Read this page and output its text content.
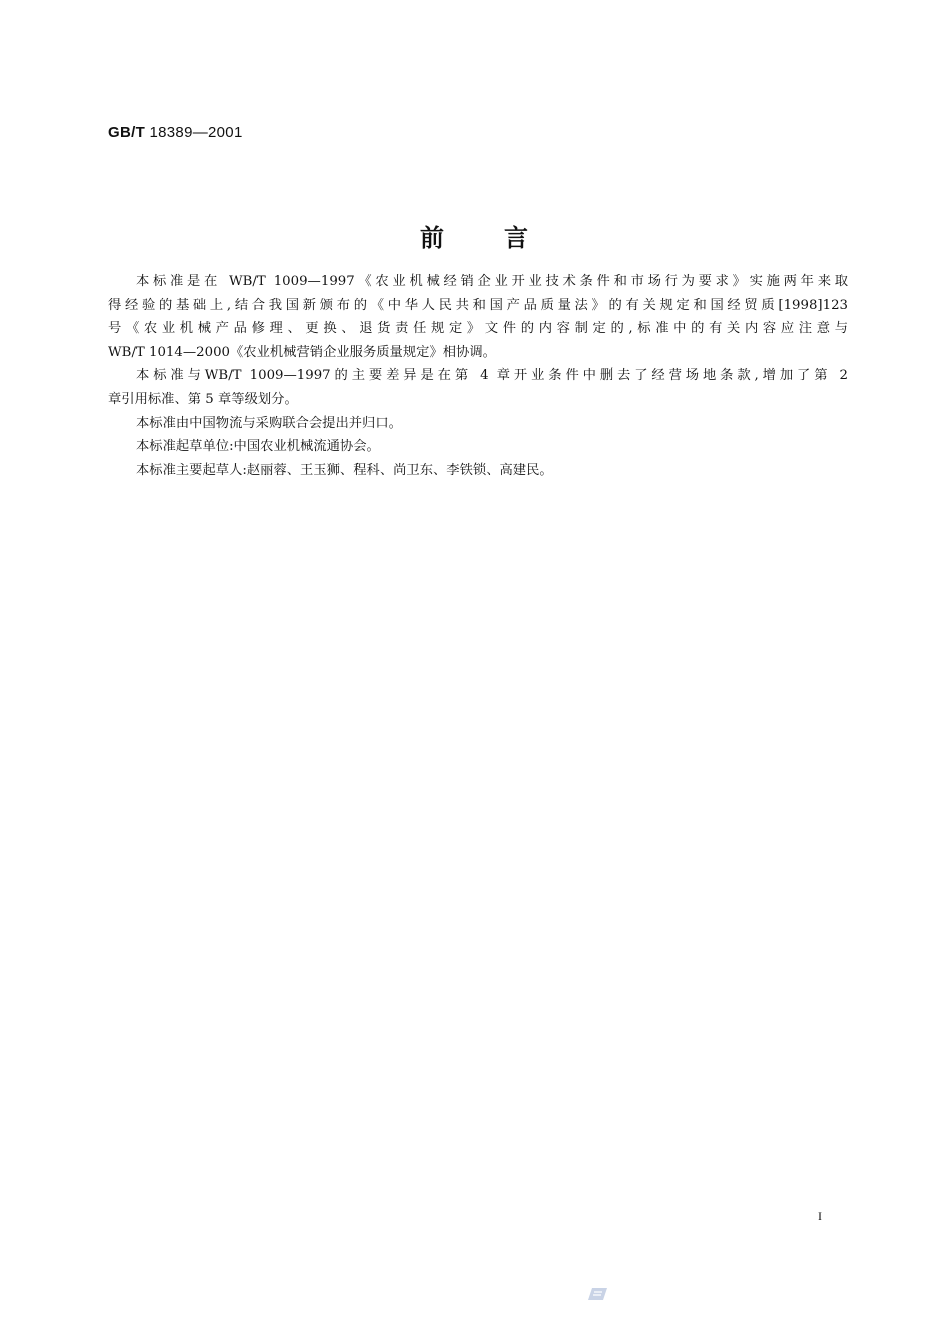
GB/T 18389—2001
前 言
本标准是在 WB/T 1009—1997《农业机械经销企业开业技术条件和市场行为要求》实施两年来取
得经验的基础上,结合我国新颁布的《中华人民共和国产品质量法》的有关规定和国经贸质[1998]123
号《农业机械产品修理、更换、退货责任规定》文件的内容制定的,标准中的有关内容应注意与
WB/T 1014—2000《农业机械营销企业服务质量规定》相协调。
本标准与WB/T 1009—1997的主要差异是在第 4 章开业条件中删去了经营场地条款,增加了第 2
章引用标准、第 5 章等级划分。
本标准由中国物流与采购联合会提出并归口。
本标准起草单位:中国农业机械流通协会。
本标准主要起草人:赵丽蓉、王玉狮、程科、尚卫东、李铁锁、高建民。
I
